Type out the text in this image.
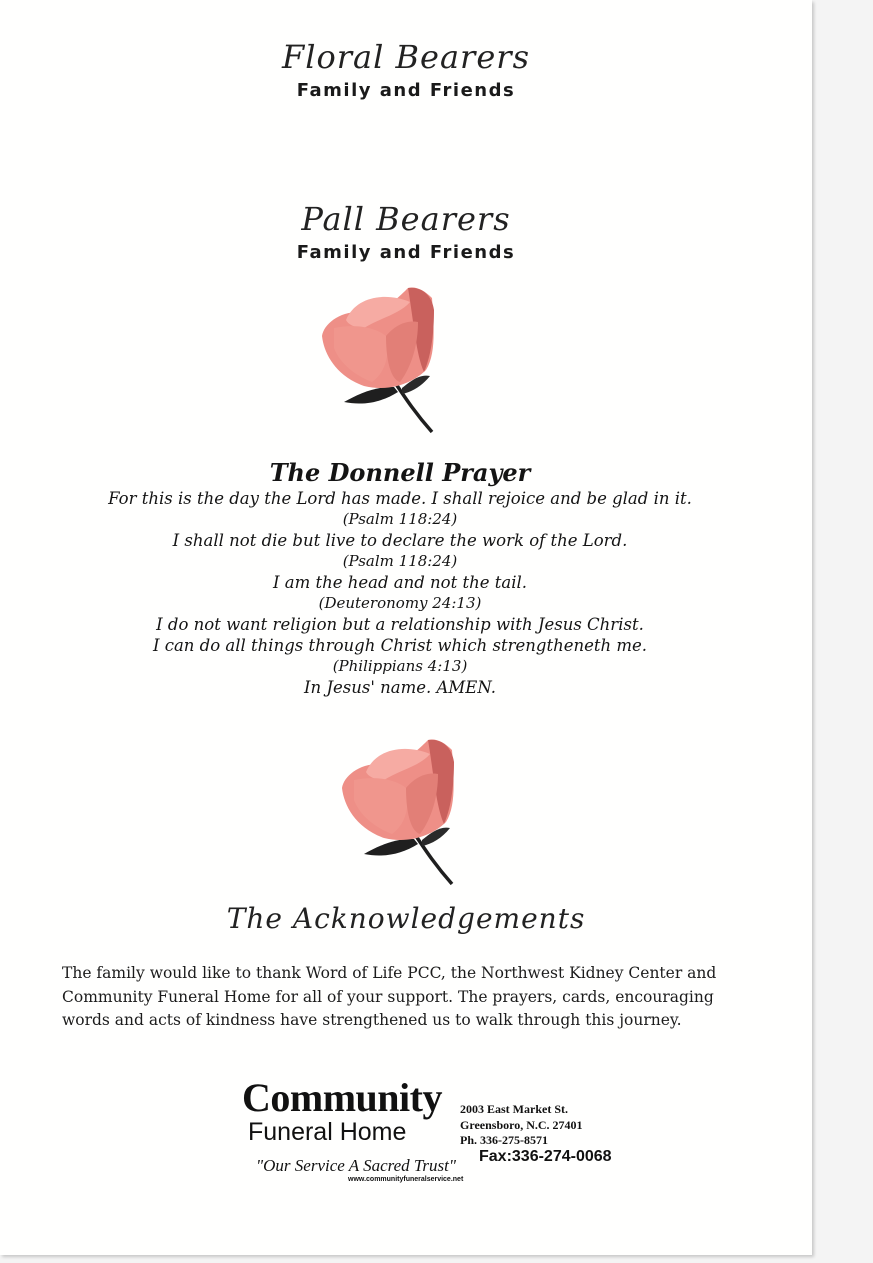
Floral Bearers
Family and Friends
Pall Bearers
Family and Friends
The Donnell Prayer
For this is the day the Lord has made. I shall rejoice and be glad in it.
(Psalm 118:24)
I shall not die but live to declare the work of the Lord.
(Psalm 118:24)
I am the head and not the tail.
(Deuteronomy 24:13)
I do not want religion but a relationship with Jesus Christ.
I can do all things through Christ which strengtheneth me.
(Philippians 4:13)
In Jesus' name. AMEN.
The Acknowledgements
The family would like to thank Word of Life PCC, the Northwest Kidney Center and Community Funeral Home for all of your support. The prayers, cards, encouraging words and acts of kindness have strengthened us to walk through this journey.
Community
Funeral Home
"Our Service A Sacred Trust"
www.communityfuneralservice.net
2003 East Market St.
Greensboro, N.C. 27401
Ph. 336-275-8571
Fax:336-274-0068
